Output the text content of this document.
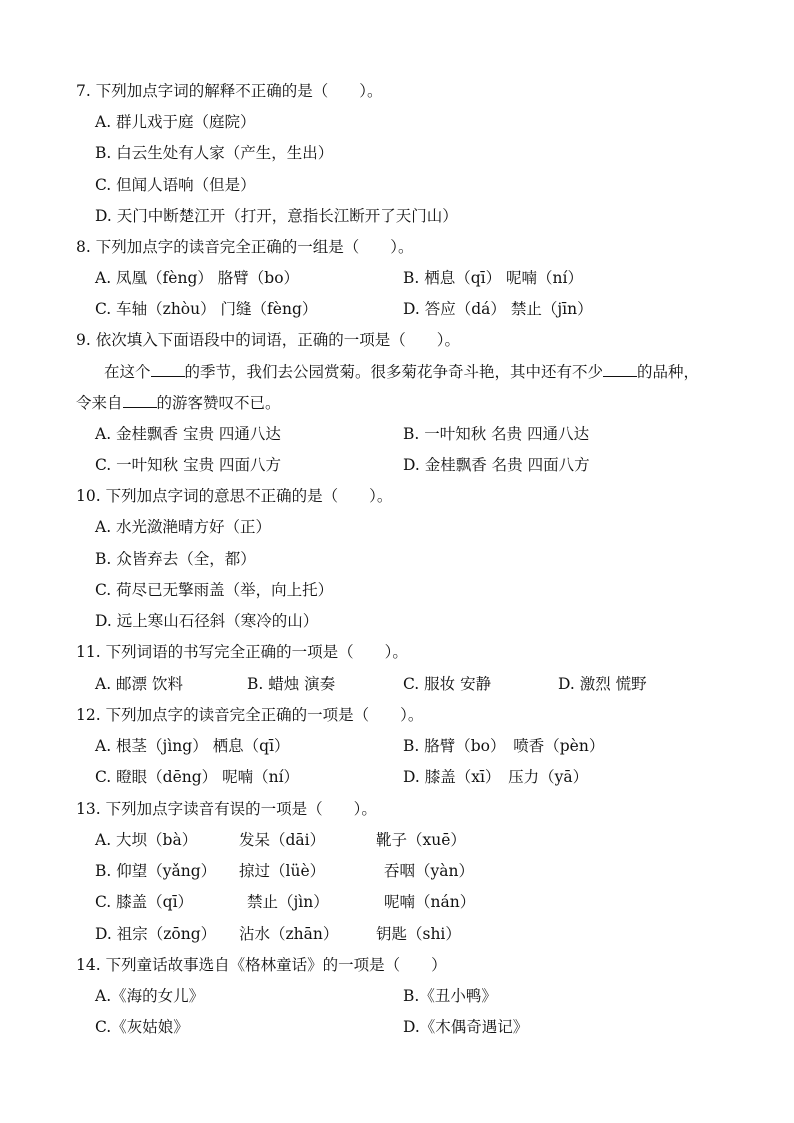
7. 下列加点字词的解释不正确的是（　　）。
A. 群儿戏于庭（庭院）
B. 白云生处有人家（产生，生出）
C. 但闻人语响（但是）
D. 天门中断楚江开（打开，意指长江断开了天门山）
8. 下列加点字的读音完全正确的一组是（　　）。
A. 凤凰（fèng） 胳臂（bo）	B. 栖息（qī） 呢喃（ní）
C. 车轴（zhòu） 门缝（fèng）	D. 答应（dá） 禁止（jīn）
9. 依次填入下面语段中的词语，正确的一项是（　　）。
在这个 的季节，我们去公园赏菊。很多菊花争奇斗艳，其中还有不少 的品种，
令来自 的游客赞叹不已。
A. 金桂飘香 宝贵 四通八达	B. 一叶知秋 名贵 四通八达
C. 一叶知秋 宝贵 四面八方	D. 金桂飘香 名贵 四面八方
10. 下列加点字词的意思不正确的是（　　）。
A. 水光潋滟晴方好（正）
B. 众皆弃去（全，都）
C. 荷尽已无擎雨盖（举，向上托）
D. 远上寒山石径斜（寒冷的山）
11. 下列词语的书写完全正确的一项是（　　）。
A. 邮漂 饮料	B. 蜡烛 演奏	C. 服妆 安静	D. 激烈 慌野
12. 下列加点字的读音完全正确的一项是（　　）。
A. 根茎（jìng） 栖息（qī）	B. 胳臂（bo）　喷香（pèn）
C. 瞪眼（dēng） 呢喃（ní）	D. 膝盖（xī）　压力（yā）
13. 下列加点字读音有误的一项是（　　）。
A. 大坝（bà）	发呆（dāi）	靴子（xuē）
B. 仰望（yǎng） 掠过（lüè）	吞咽（yàn）
C. 膝盖（qī）	禁止（jìn）	呢喃（nán）
D. 祖宗（zōng） 沾水（zhān） 钥匙（shi）
14. 下列童话故事选自《格林童话》的一项是（　　）
A.《海的女儿》	B.《丑小鸭》
C.《灰姑娘》	D.《木偶奇遇记》
